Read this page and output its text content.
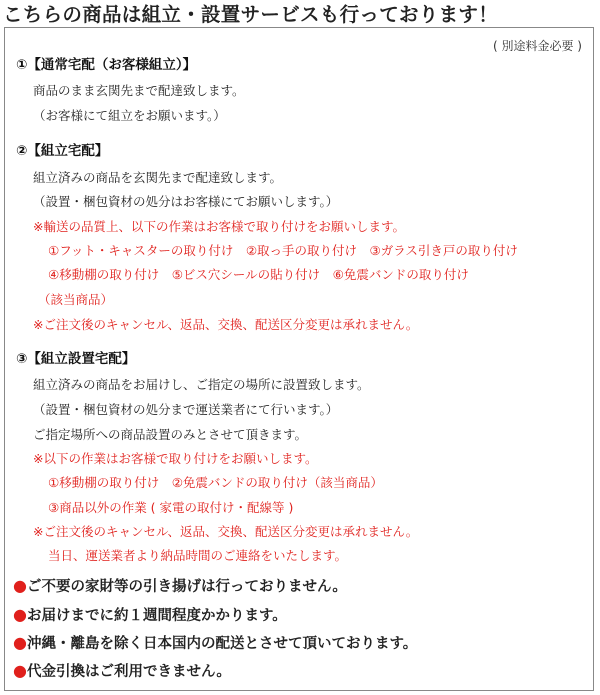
こちらの商品は組立・設置サービスも行っております！
( 別途料金必要 )
①【通常宅配（お客様組立）】
商品のまま玄関先まで配達致します。
（お客様にて組立をお願います。）
②【組立宅配】
組立済みの商品を玄関先まで配達致します。
（設置・梱包資材の処分はお客様にてお願いします。）
※輸送の品質上、以下の作業はお客様で取り付けをお願いします。
①フット・キャスターの取り付け　②取っ手の取り付け　③ガラス引き戸の取り付け
④移動棚の取り付け　⑤ビス穴シールの貼り付け　⑥免震バンドの取り付け
（該当商品）
※ご注文後のキャンセル、返品、交換、配送区分変更は承れません。
③【組立設置宅配】
組立済みの商品をお届けし、ご指定の場所に設置致します。
（設置・梱包資材の処分まで運送業者にて行います。）
ご指定場所への商品設置のみとさせて頂きます。
※以下の作業はお客様で取り付けをお願いします。
①移動棚の取り付け　②免震バンドの取り付け（該当商品）
③商品以外の作業 ( 家電の取付け・配線等 )
※ご注文後のキャンセル、返品、交換、配送区分変更は承れません。
当日、運送業者より納品時間のご連絡をいたします。
●ご不要の家財等の引き揚げは行っておりません。
●お届けまでに約１週間程度かかります。
●沖縄・離島を除く日本国内の配送とさせて頂いております。
●代金引換はご利用できません。
